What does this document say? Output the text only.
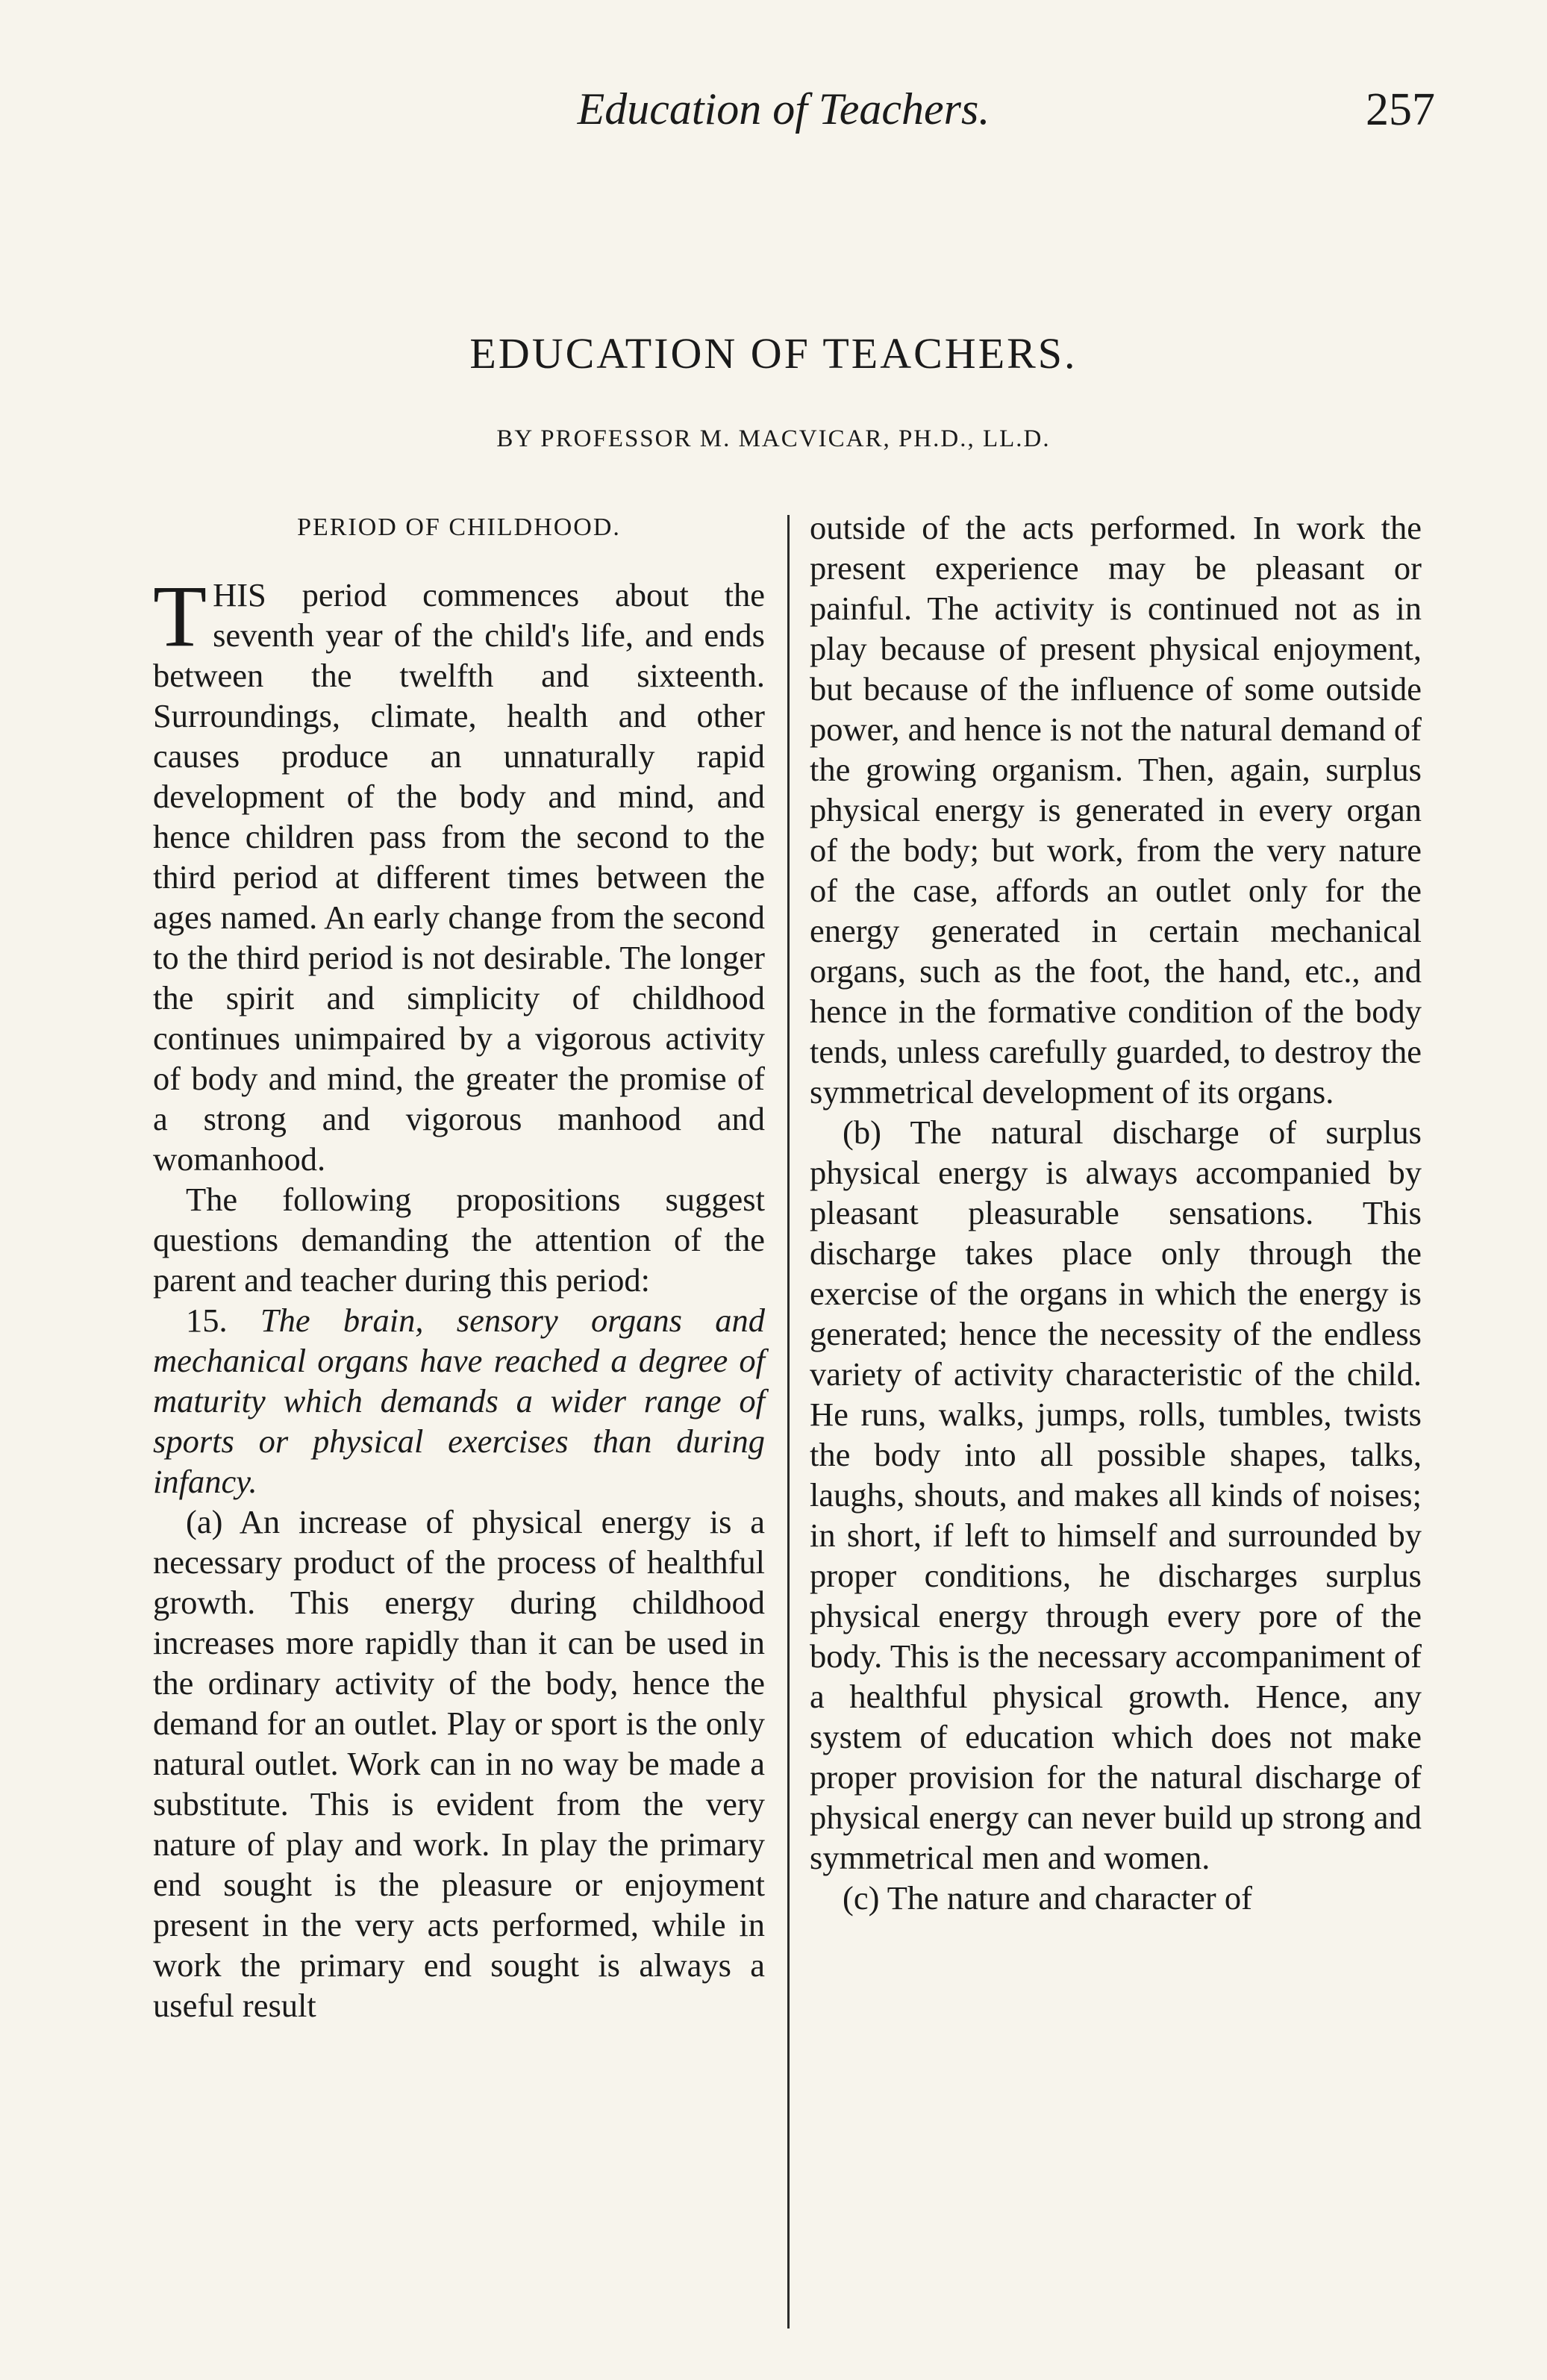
Education of Teachers.	257
EDUCATION OF TEACHERS.
BY PROFESSOR M. MACVICAR, PH.D., LL.D.

PERIOD OF CHILDHOOD.

THIS period commences about the seventh year of the child's life, and ends between the twelfth and sixteenth. Surroundings, climate, health and other causes produce an unnaturally rapid development of the body and mind, and hence children pass from the second to the third period at different times between the ages named. An early change from the second to the third period is not desirable. The longer the spirit and simplicity of childhood continues unimpaired by a vigorous activity of body and mind, the greater the promise of a strong and vigorous manhood and womanhood.

The following propositions suggest questions demanding the attention of the parent and teacher during this period:

15. The brain, sensory organs and mechanical organs have reached a degree of maturity which demands a wider range of sports or physical exercises than during infancy.

(a) An increase of physical energy is a necessary product of the process of healthful growth. This energy during childhood increases more rapidly than it can be used in the ordinary activity of the body, hence the demand for an outlet. Play or sport is the only natural outlet. Work can in no way be made a substitute. This is evident from the very nature of play and work. In play the primary end sought is the pleasure or enjoyment present in the very acts performed, while in work the primary end sought is always a useful result

outside of the acts performed. In work the present experience may be pleasant or painful. The activity is continued not as in play because of present physical enjoyment, but because of the influence of some outside power, and hence is not the natural demand of the growing organism. Then, again, surplus physical energy is generated in every organ of the body; but work, from the very nature of the case, affords an outlet only for the energy generated in certain mechanical organs, such as the foot, the hand, etc., and hence in the formative condition of the body tends, unless carefully guarded, to destroy the symmetrical development of its organs.

(b) The natural discharge of surplus physical energy is always accompanied by pleasant pleasurable sensations. This discharge takes place only through the exercise of the organs in which the energy is generated; hence the necessity of the endless variety of activity characteristic of the child. He runs, walks, jumps, rolls, tumbles, twists the body into all possible shapes, talks, laughs, shouts, and makes all kinds of noises; in short, if left to himself and surrounded by proper conditions, he discharges surplus physical energy through every pore of the body. This is the necessary accompaniment of a healthful physical growth. Hence, any system of education which does not make proper provision for the natural discharge of physical energy can never build up strong and symmetrical men and women.

(c) The nature and character of
